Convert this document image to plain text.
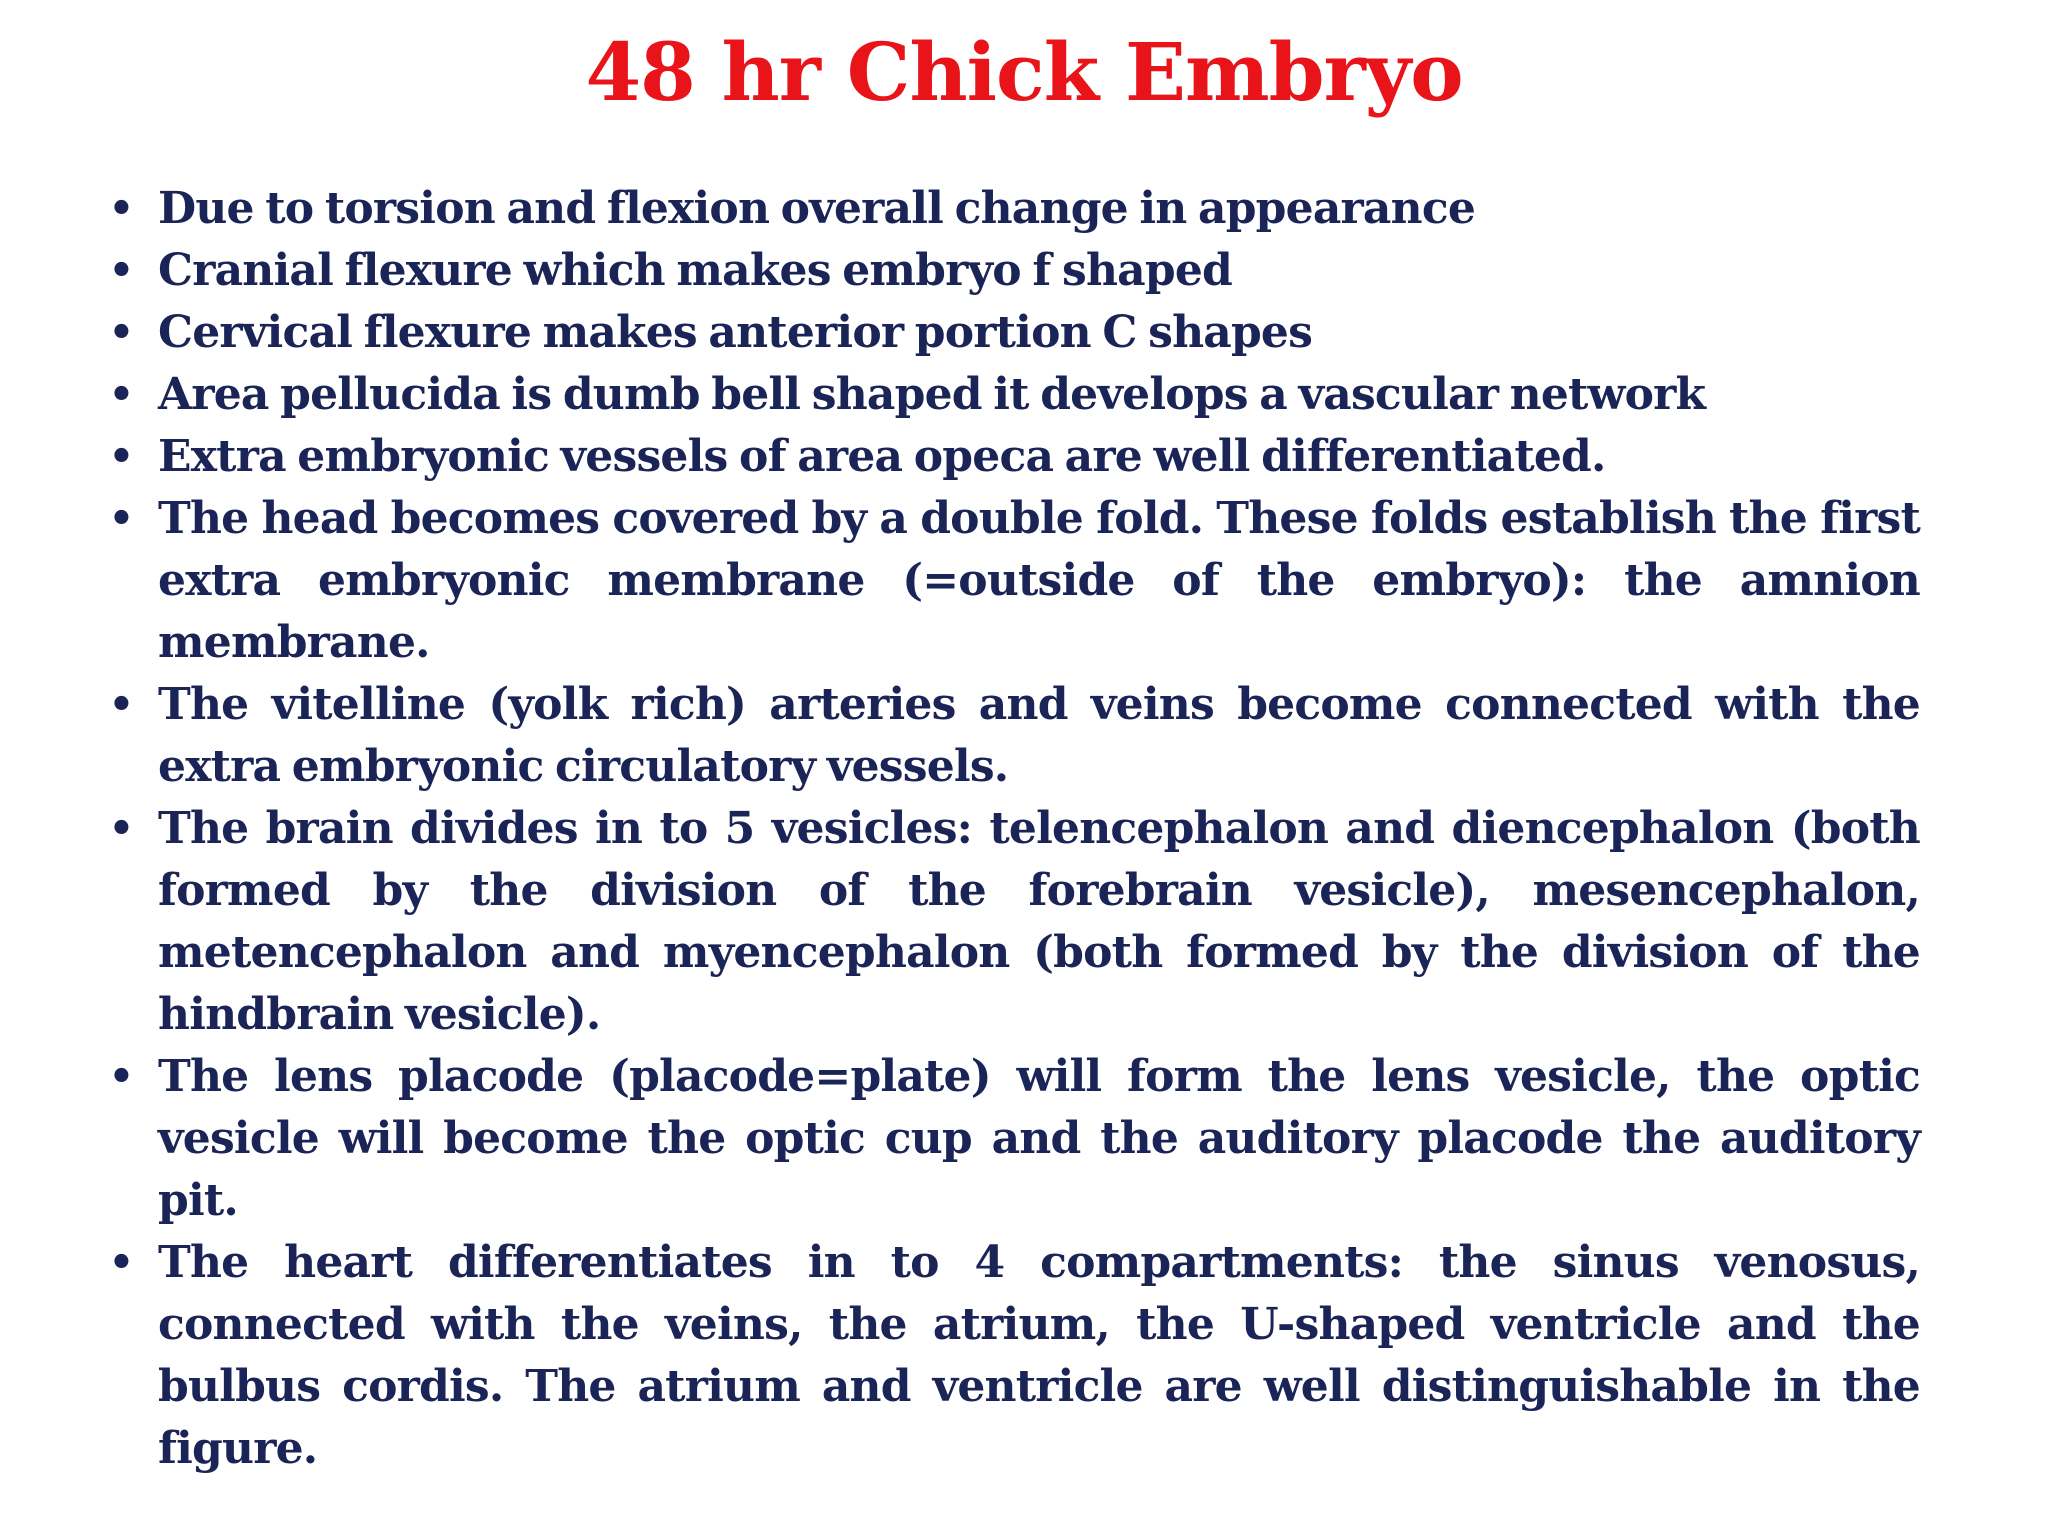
48 hr Chick Embryo
• Due to torsion and flexion overall change in appearance
• Cranial flexure which makes embryo f shaped
• Cervical flexure makes anterior portion C shapes
• Area pellucida is dumb bell shaped it develops a vascular network
• Extra embryonic vessels of area opeca are well differentiated.
• The head becomes covered by a double fold. These folds establish the first extra embryonic membrane (=outside of the embryo): the amnion membrane.
• The vitelline (yolk rich) arteries and veins become connected with the extra embryonic circulatory vessels.
• The brain divides in to 5 vesicles: telencephalon and diencephalon (both formed by the division of the forebrain vesicle), mesencephalon, metencephalon and myencephalon (both formed by the division of the hindbrain vesicle).
• The lens placode (placode=plate) will form the lens vesicle, the optic vesicle will become the optic cup and the auditory placode the auditory pit.
• The heart differentiates in to 4 compartments: the sinus venosus, connected with the veins, the atrium, the U-shaped ventricle and the bulbus cordis. The atrium and ventricle are well distinguishable in the figure.
